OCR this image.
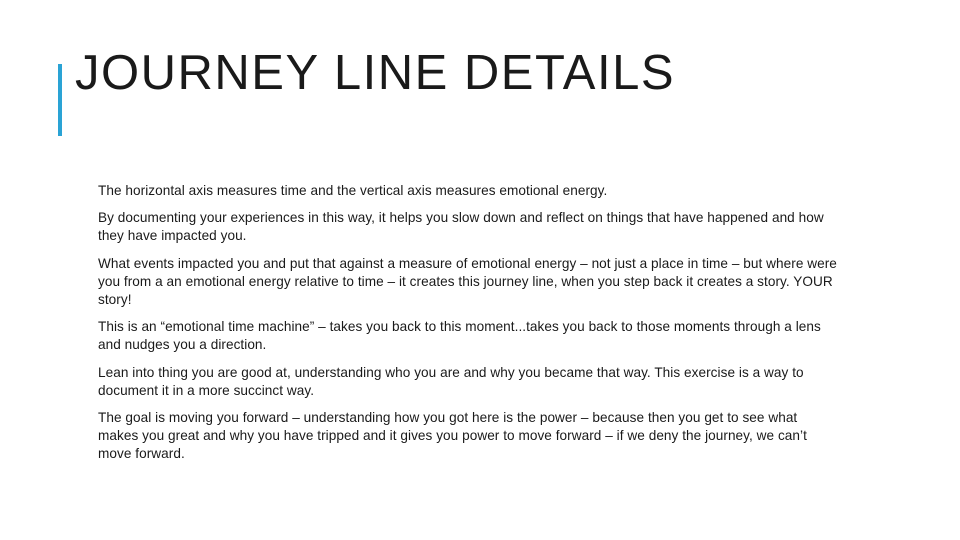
JOURNEY LINE DETAILS

The horizontal axis measures time and the vertical axis measures emotional energy.

By documenting your experiences in this way, it helps you slow down and reflect on things that have happened and how they have impacted you.

What events impacted you and put that against a measure of emotional energy – not just a place in time – but where were you from a an emotional energy relative to time – it creates this journey line, when you step back it creates a story. YOUR story!

This is an “emotional time machine” – takes you back to this moment...takes you back to those moments through a lens and nudges you a direction.

Lean into thing you are good at, understanding who you are and why you became that way. This exercise is a way to document it in a more succinct way.

The goal is moving you forward – understanding how you got here is the power – because then you get to see what makes you great and why you have tripped and it gives you power to move forward – if we deny the journey, we can’t move forward.
